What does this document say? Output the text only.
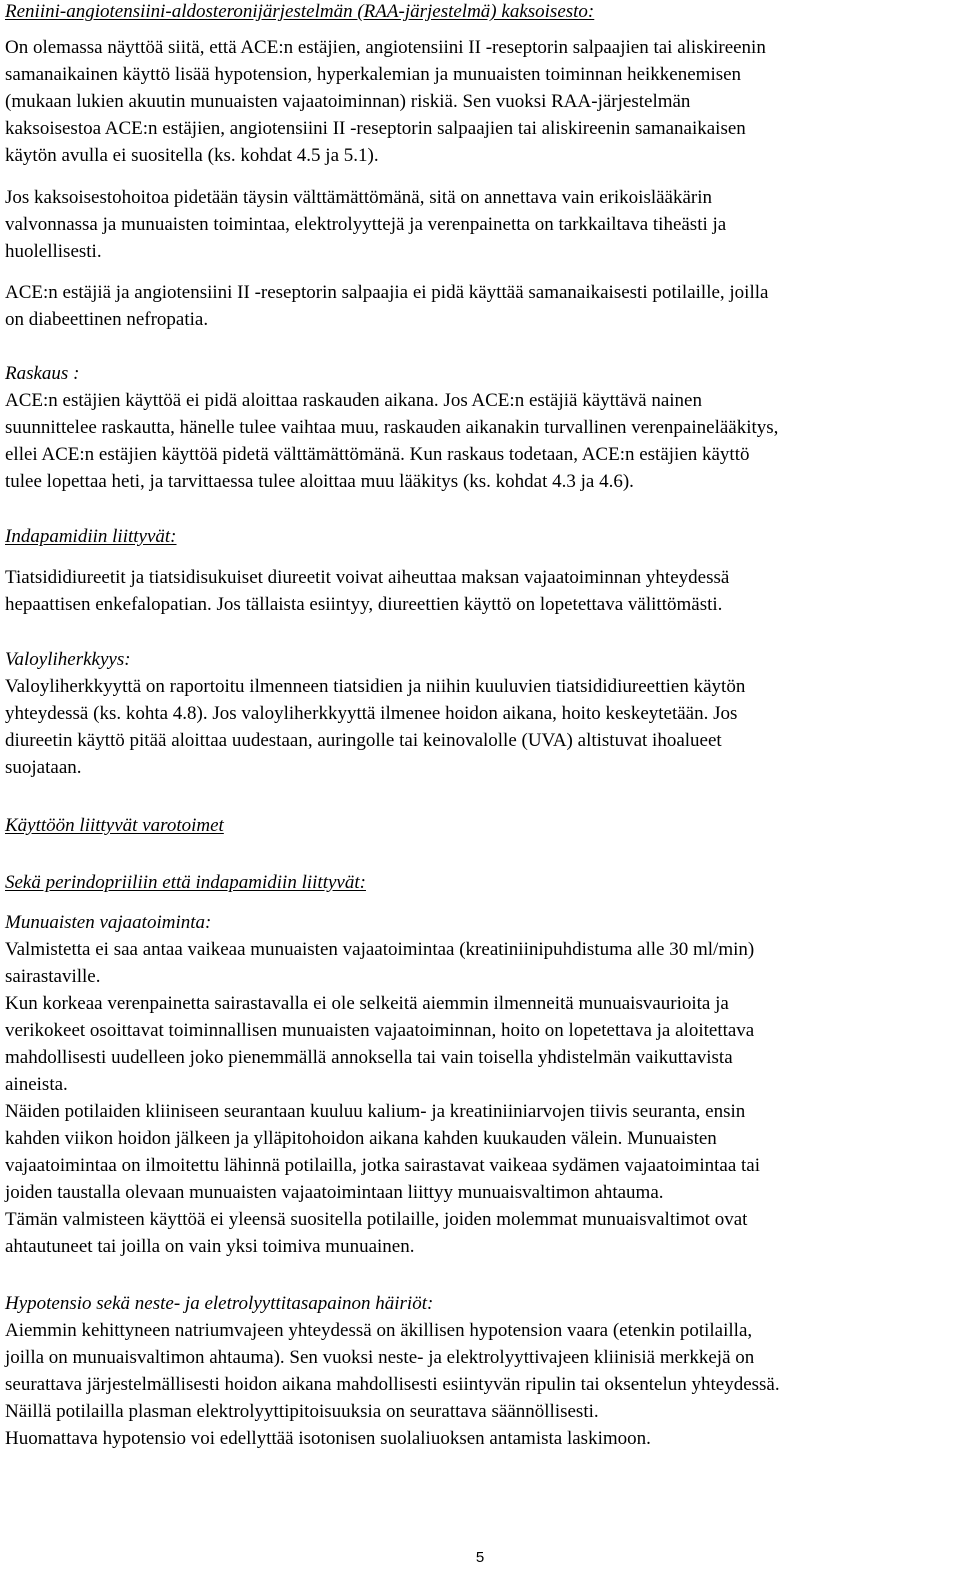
Reniini-angiotensiini-aldosteronijärjestelmän (RAA-järjestelmä) kaksoisesto:
On olemassa näyttöä siitä, että ACE:n estäjien, angiotensiini II -reseptorin salpaajien tai aliskireenin
samanaikainen käyttö lisää hypotension, hyperkalemian ja munuaisten toiminnan heikkenemisen
(mukaan lukien akuutin munuaisten vajaatoiminnan) riskiä. Sen vuoksi RAA-järjestelmän
kaksoisestoa ACE:n estäjien, angiotensiini II -reseptorin salpaajien tai aliskireenin samanaikaisen
käytön avulla ei suositella (ks. kohdat 4.5 ja 5.1).
Jos kaksoisestohoitoa pidetään täysin välttämättömänä, sitä on annettava vain erikoislääkärin
valvonnassa ja munuaisten toimintaa, elektrolyyttejä ja verenpainetta on tarkkailtava tiheästi ja
huolellisesti.
ACE:n estäjiä ja angiotensiini II -reseptorin salpaajia ei pidä käyttää samanaikaisesti potilaille, joilla
on diabeettinen nefropatia.
Raskaus :
ACE:n estäjien käyttöä ei pidä aloittaa raskauden aikana. Jos ACE:n estäjiä käyttävä nainen
suunnittelee raskautta, hänelle tulee vaihtaa muu, raskauden aikanakin turvallinen verenpainelääkitys,
ellei ACE:n estäjien käyttöä pidetä välttämättömänä. Kun raskaus todetaan, ACE:n estäjien käyttö
tulee lopettaa heti, ja tarvittaessa tulee aloittaa muu lääkitys (ks. kohdat 4.3 ja 4.6).
Indapamidiin liittyvät:
Tiatsididiureetit ja tiatsidisukuiset diureetit voivat aiheuttaa maksan vajaatoiminnan yhteydessä
hepaattisen enkefalopatian. Jos tällaista esiintyy, diureettien käyttö on lopetettava välittömästi.
Valoyliherkkyys:
Valoyliherkkyyttä on raportoitu ilmenneen tiatsidien ja niihin kuuluvien tiatsididiureettien käytön
yhteydessä (ks. kohta 4.8). Jos valoyliherkkyyttä ilmenee hoidon aikana, hoito keskeytetään. Jos
diureetin käyttö pitää aloittaa uudestaan, auringolle tai keinovalolle (UVA) altistuvat ihoalueet
suojataan.
Käyttöön liittyvät varotoimet
Sekä perindopriiliin että indapamidiin liittyvät:
Munuaisten vajaatoiminta:
Valmistetta ei saa antaa vaikeaa munuaisten vajaatoimintaa (kreatiniinipuhdistuma alle 30 ml/min)
sairastaville.
Kun korkeaa verenpainetta sairastavalla ei ole selkeitä aiemmin ilmenneitä munuaisvaurioita ja
verikokeet osoittavat toiminnallisen munuaisten vajaatoiminnan, hoito on lopetettava ja aloitettava
mahdollisesti uudelleen joko pienemmällä annoksella tai vain toisella yhdistelmän vaikuttavista
aineista.
Näiden potilaiden kliiniseen seurantaan kuuluu kalium- ja kreatiniiniarvojen tiivis seuranta, ensin
kahden viikon hoidon jälkeen ja ylläpitohoidon aikana kahden kuukauden välein. Munuaisten
vajaatoimintaa on ilmoitettu lähinnä potilailla, jotka sairastavat vaikeaa sydämen vajaatoimintaa tai
joiden taustalla olevaan munuaisten vajaatoimintaan liittyy munuaisvaltimon ahtauma.
Tämän valmisteen käyttöä ei yleensä suositella potilaille, joiden molemmat munuaisvaltimot ovat
ahtautuneet tai joilla on vain yksi toimiva munuainen.
Hypotensio sekä neste- ja eletrolyyttitasapainon häiriöt:
Aiemmin kehittyneen natriumvajeen yhteydessä on äkillisen hypotension vaara (etenkin potilailla,
joilla on munuaisvaltimon ahtauma). Sen vuoksi neste- ja elektrolyyttivajeen kliinisiä merkkejä on
seurattava järjestelmällisesti hoidon aikana mahdollisesti esiintyvän ripulin tai oksentelun yhteydessä.
Näillä potilailla plasman elektrolyyttipitoisuuksia on seurattava säännöllisesti.
Huomattava hypotensio voi edellyttää isotonisen suolaliuoksen antamista laskimoon.
5
